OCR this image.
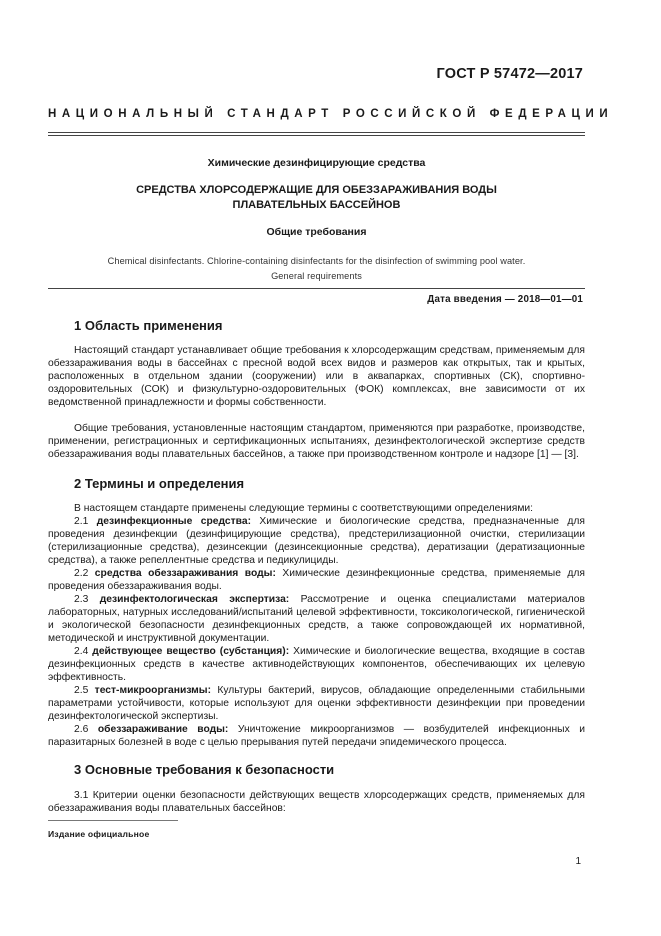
ГОСТ Р 57472—2017
НАЦИОНАЛЬНЫЙ СТАНДАРТ РОССИЙСКОЙ ФЕДЕРАЦИИ
Химические дезинфицирующие средства
СРЕДСТВА ХЛОРСОДЕРЖАЩИЕ ДЛЯ ОБЕЗЗАРАЖИВАНИЯ ВОДЫ
ПЛАВАТЕЛЬНЫХ БАССЕЙНОВ
Общие требования
Chemical disinfectants. Chlorine-containing disinfectants for the disinfection of swimming pool water.
General requirements
Дата введения — 2018—01—01
1 Область применения

Настоящий стандарт устанавливает общие требования к хлорсодержащим средствам, применяемым для обеззараживания воды в бассейнах с пресной водой всех видов и размеров как открытых, так и крытых, расположенных в отдельном здании (сооружении) или в аквапарках, спортивных (СК), спортивно-оздоровительных (СОК) и физкультурно-оздоровительных (ФОК) комплексах, вне зависимости от их ведомственной принадлежности и формы собственности.

Общие требования, установленные настоящим стандартом, применяются при разработке, производстве, применении, регистрационных и сертификационных испытаниях, дезинфектологической экспертизе средств обеззараживания воды плавательных бассейнов, а также при производственном контроле и надзоре [1] — [3].

2 Термины и определения

В настоящем стандарте применены следующие термины с соответствующими определениями:

2.1 дезинфекционные средства: Химические и биологические средства, предназначенные для проведения дезинфекции (дезинфицирующие средства), предстерилизационной очистки, стерилизации (стерилизационные средства), дезинсекции (дезинсекционные средства), дератизации (дератизационные средства), а также репеллентные средства и педикулициды.

2.2 средства обеззараживания воды: Химические дезинфекционные средства, применяемые для проведения обеззараживания воды.

2.3 дезинфектологическая экспертиза: Рассмотрение и оценка специалистами материалов лабораторных, натурных исследований/испытаний целевой эффективности, токсикологической, гигиенической и экологической безопасности дезинфекционных средств, а также сопровождающей их нормативной, методической и инструктивной документации.

2.4 действующее вещество (субстанция): Химические и биологические вещества, входящие в состав дезинфекционных средств в качестве активнодействующих компонентов, обеспечивающих их целевую эффективность.

2.5 тест-микроорганизмы: Культуры бактерий, вирусов, обладающие определенными стабильными параметрами устойчивости, которые используют для оценки эффективности дезинфекции при проведении дезинфектологической экспертизы.

2.6 обеззараживание воды: Уничтожение микроорганизмов — возбудителей инфекционных и паразитарных болезней в воде с целью прерывания путей передачи эпидемического процесса.

3 Основные требования к безопасности

3.1 Критерии оценки безопасности действующих веществ хлорсодержащих средств, применяемых для обеззараживания воды плавательных бассейнов:

Издание официальное
1
